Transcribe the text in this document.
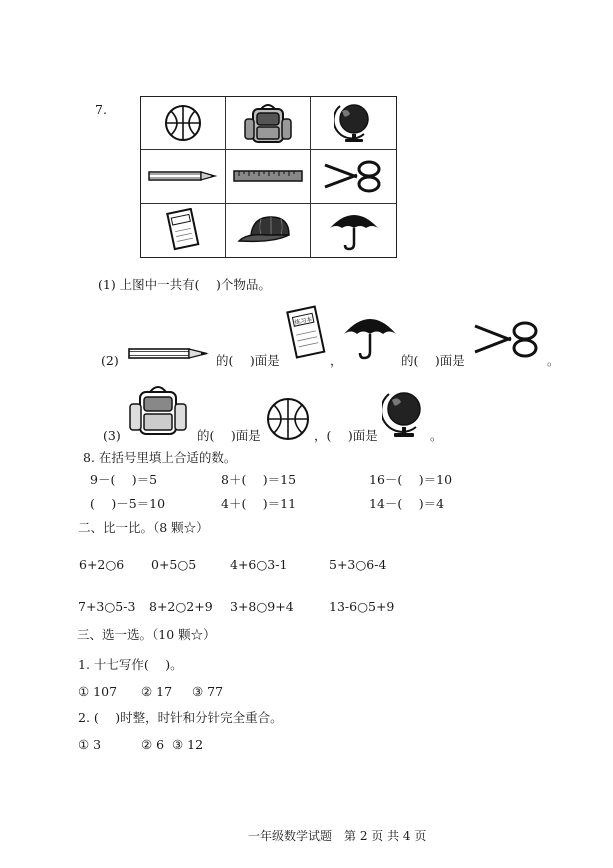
7.
(1) 上图中一共有(　 )个物品。
(2)	的(　 )面是
练习本
，	的(　 )面是	。
(3)	的(　 )面是	，(　 )面是	。
8. 在括号里填上合适的数。
9－(　 )＝5	8＋(　 )＝15	16－(　 )＝10
(　 )－5＝10	4＋(　 )＝11	14－(　 )＝4
二、比一比。（8 颗☆）
6+2○6 0+5○5	4+6○3-1	5+3○6-4
7+3○5-3 8+2○2+9 3+8○9+4	13-6○5+9
三、选一选。（10 颗☆）
1. 十七写作(　 )。
① 107 ② 17 ③ 77
2. (　 )时整，时针和分针完全重合。
① 3	② 6 ③ 12
一年级数学试题　第 2 页 共 4 页
